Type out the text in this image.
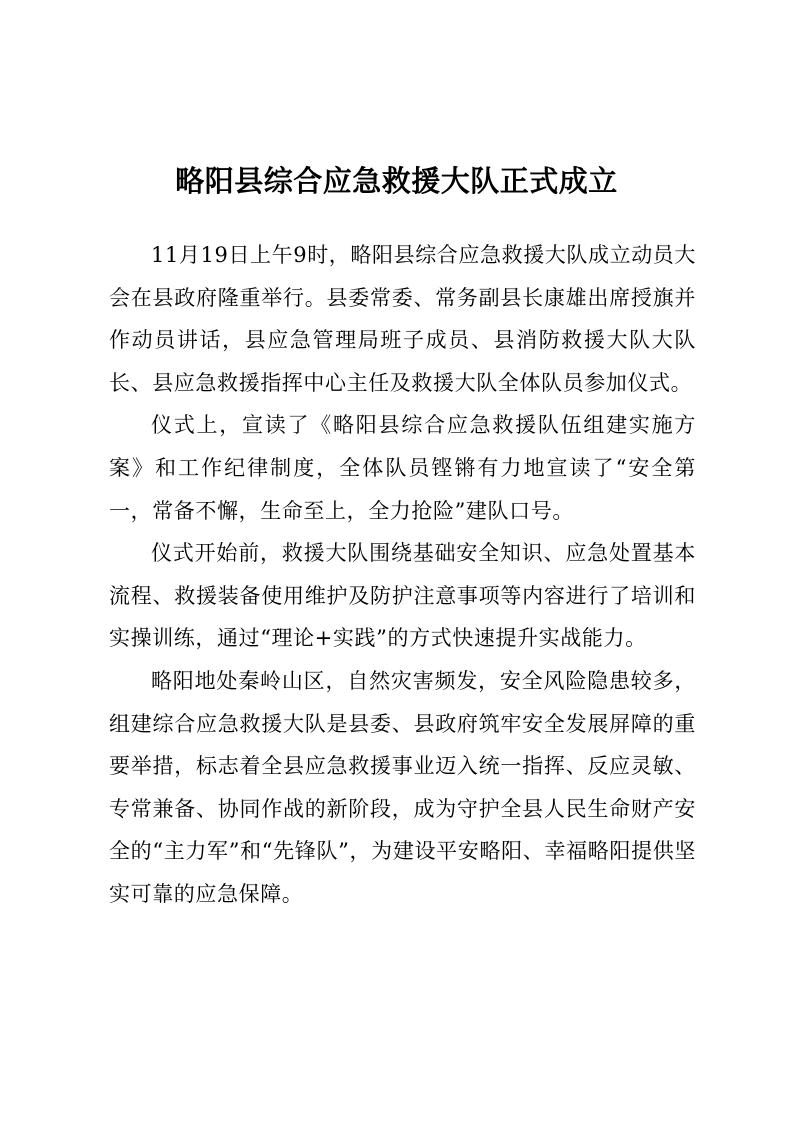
略阳县综合应急救援大队正式成立

11月19日上午9时，略阳县综合应急救援大队成立动员大会在县政府隆重举行。县委常委、常务副县长康雄出席授旗并作动员讲话，县应急管理局班子成员、县消防救援大队大队长、县应急救援指挥中心主任及救援大队全体队员参加仪式。

仪式上，宣读了《略阳县综合应急救援队伍组建实施方案》和工作纪律制度，全体队员铿锵有力地宣读了“安全第一，常备不懈，生命至上，全力抢险”建队口号。

仪式开始前，救援大队围绕基础安全知识、应急处置基本流程、救援装备使用维护及防护注意事项等内容进行了培训和实操训练，通过“理论+实践”的方式快速提升实战能力。

略阳地处秦岭山区，自然灾害频发，安全风险隐患较多，组建综合应急救援大队是县委、县政府筑牢安全发展屏障的重要举措，标志着全县应急救援事业迈入统一指挥、反应灵敏、专常兼备、协同作战的新阶段，成为守护全县人民生命财产安全的“主力军”和“先锋队”，为建设平安略阳、幸福略阳提供坚实可靠的应急保障。
